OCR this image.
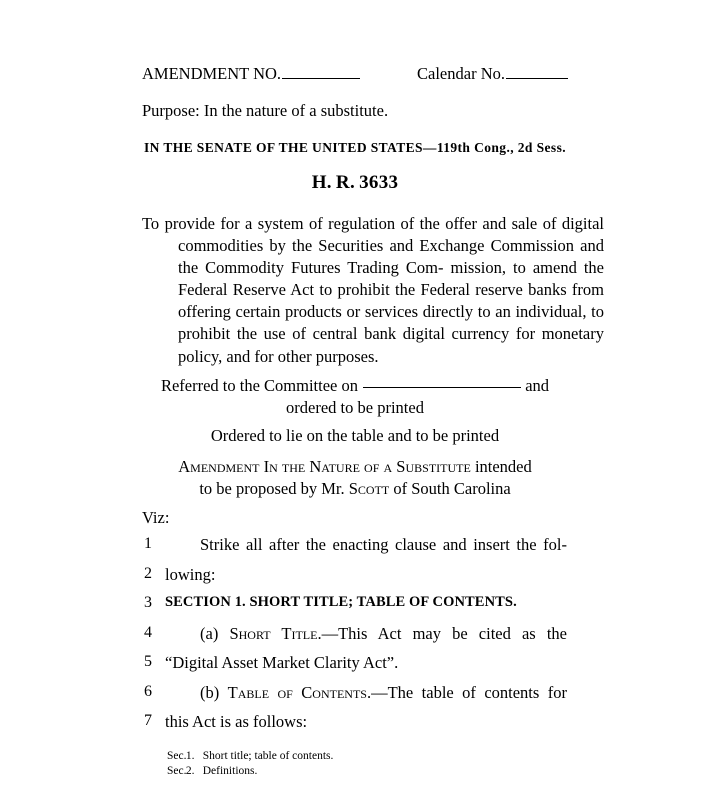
AMENDMENT NO.	Calendar No.
Purpose: In the nature of a substitute.
IN THE SENATE OF THE UNITED STATES—119th Cong., 2d Sess.
H. R. 3633
To provide for a system of regulation of the offer and sale of digital commodities by the Securities and Exchange Commission and the Commodity Futures Trading Com- mission, to amend the Federal Reserve Act to prohibit the Federal reserve banks from offering certain products or services directly to an individual, to prohibit the use of central bank digital currency for monetary policy, and for other purposes.
Referred to the Committee on	and
ordered to be printed
Ordered to lie on the table and to be printed
Amendment In the Nature of a Substitute intended
to be proposed by Mr. Scott of South Carolina
Viz:
1	Strike all after the enacting clause and insert the fol-
2 lowing:
3 SECTION 1. SHORT TITLE; TABLE OF CONTENTS.
4	(a) Short Title.—This Act may be cited as the
5 “Digital Asset Market Clarity Act”.
6	(b) Table of Contents.—The table of contents for
7 this Act is as follows:
Sec. 1. Short title; table of contents.
Sec. 2. Definitions.
